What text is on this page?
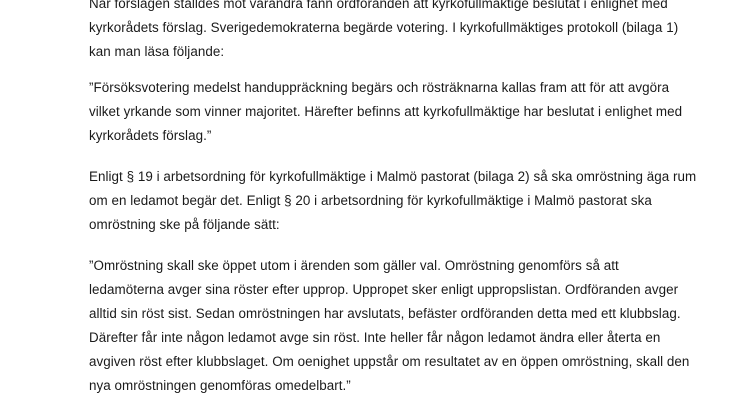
När förslagen ställdes mot varandra fann ordföranden att kyrkofullmäktige beslutat i enlighet med
kyrkorådets förslag. Sverigedemokraterna begärde votering. I kyrkofullmäktiges protokoll (bilaga 1)
kan man läsa följande:

”Försöksvotering medelst handuppräckning begärs och rösträknarna kallas fram att för att avgöra
vilket yrkande som vinner majoritet. Härefter befinns att kyrkofullmäktige har beslutat i enlighet med
kyrkorådets förslag.”

Enligt § 19 i arbetsordning för kyrkofullmäktige i Malmö pastorat (bilaga 2) så ska omröstning äga rum
om en ledamot begär det. Enligt § 20 i arbetsordning för kyrkofullmäktige i Malmö pastorat ska
omröstning ske på följande sätt:

”Omröstning skall ske öppet utom i ärenden som gäller val. Omröstning genomförs så att
ledamöterna avger sina röster efter upprop. Uppropet sker enligt uppropslistan. Ordföranden avger
alltid sin röst sist. Sedan omröstningen har avslutats, befäster ordföranden detta med ett klubbslag.
Därefter får inte någon ledamot avge sin röst. Inte heller får någon ledamot ändra eller återta en
avgiven röst efter klubbslaget. Om oenighet uppstår om resultatet av en öppen omröstning, skall den
nya omröstningen genomföras omedelbart.”
